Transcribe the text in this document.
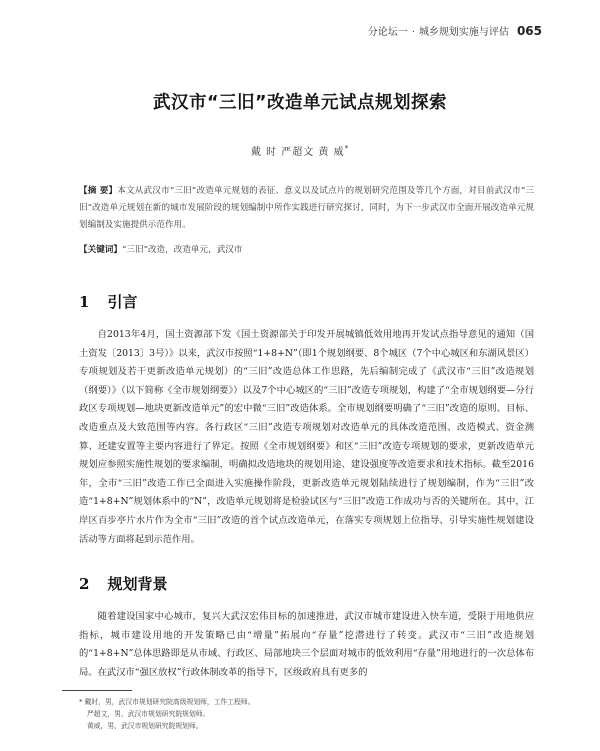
分论坛一 · 城乡规划实施与评估 065
武汉市“三旧”改造单元试点规划探索
戴 时 严超文 黄 威*

【摘 要】本文从武汉市“三旧”改造单元规划的表征、意义以及试点片的规划研究范围及等几个方面，对目前武汉市“三旧”改造单元规划在新的城市发展阶段的规划编制中所作实践进行研究探讨，同时，为下一步武汉市全面开展改造单元规划编制及实施提供示范作用。

【关键词】“三旧”改造，改造单元，武汉市

1 引言

自2013年4月，国土资源部下发《国土资源部关于印发开展城镇低效用地再开发试点指导意见的通知（国土资发〔2013〕3号）》以来，武汉市按照“1+8+N”（即1个规划纲要、8个城区（7个中心城区和东湖风景区）专项规划及若干更新改造单元规划）的“三旧”改造总体工作思路，先后编制完成了《武汉市“三旧”改造规划（纲要）》（以下简称《全市规划纲要》）以及7个中心城区的“三旧”改造专项规划，构建了“全市规划纲要—分行政区专项规划—地块更新改造单元”的宏中微“三旧”改造体系。全市规划纲要明确了“三旧”改造的原则、目标、改造重点及大致范围等内容。各行政区“三旧”改造专项规划对改造单元的具体改造范围、改造模式、资金测算、还建安置等主要内容进行了界定。按照《全市规划纲要》和区“三旧”改造专项规划的要求，更新改造单元规划应参照实施性规划的要求编制，明确拟改造地块的规划用途、建设强度等改造要求和技术指标。截至2016年，全市“三旧”改造工作已全面进入实施操作阶段，更新改造单元规划陆续进行了规划编制，作为“三旧”改造“1+8+N”规划体系中的“N”，改造单元规划将是检验试区与“三旧”改造工作成功与否的关键所在。其中，江岸区百步亭片水片作为全市“三旧”改造的首个试点改造单元，在落实专项规划上位指导、引导实施性规划建设活动等方面将起到示范作用。

2 规划背景

随着建设国家中心城市，复兴大武汉宏伟目标的加速推进，武汉市城市建设进入快车道，受限于用地供应指标，城市建设用地的开发策略已由“增量”拓展向“存量”挖潜进行了转变。武汉市“三旧”改造规划的“1+8+N”总体思路即是从市域、行政区、局部地块三个层面对城市的低效利用“存量”用地进行的一次总体布局。在武汉市“强区放权”行政体制改革的指导下，区级政府具有更多的

* 戴时，男，武汉市规划研究院高级规划师，工作工程师。
严超文，男，武汉市规划研究院规划师。
黄威，男，武汉市规划研究院规划师。
